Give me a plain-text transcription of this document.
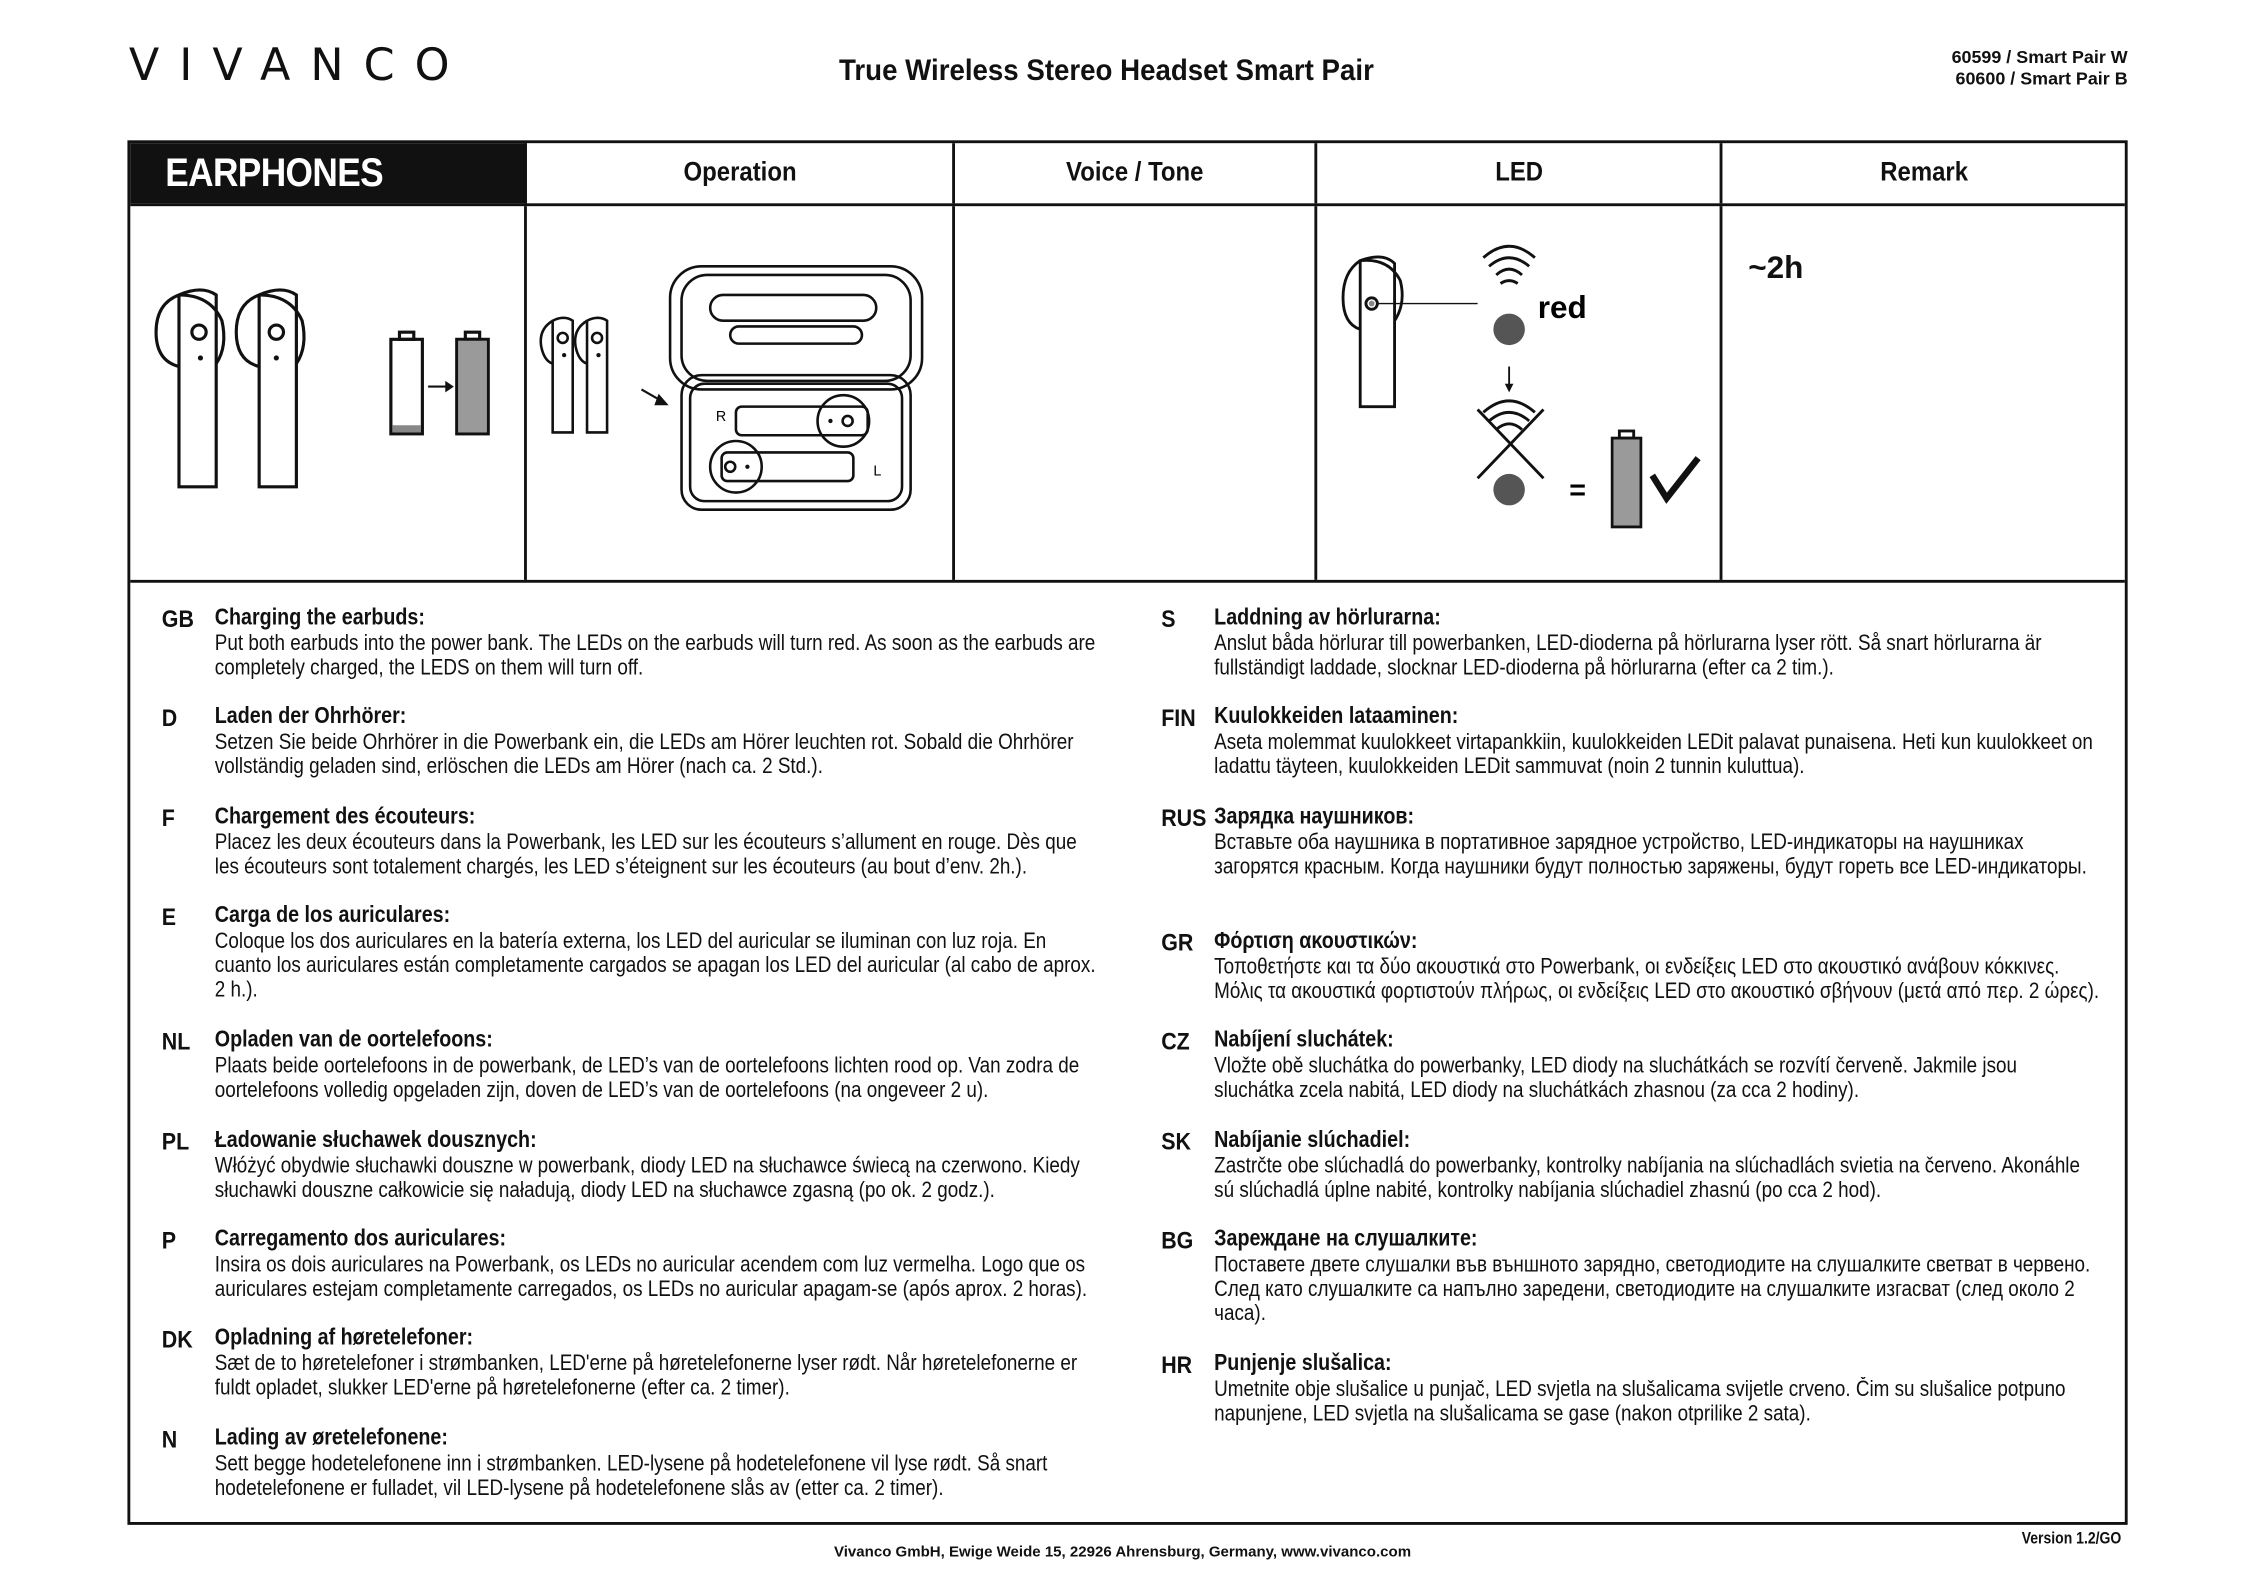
VIVANCO	True Wireless Stereo Headset Smart Pair	60599 / Smart Pair W
60600 / Smart Pair B
EARPHONES	Operation	Voice / Tone	LED	Remark
R
L
red
=
~2h
GB Charging the earbuds:
Put both earbuds into the power bank. The LEDs on the earbuds will turn red. As soon as the earbuds are completely charged, the LEDS on them will turn off.
D Laden der Ohrhörer:
Setzen Sie beide Ohrhörer in die Powerbank ein, die LEDs am Hörer leuchten rot. Sobald die Ohrhörer vollständig geladen sind, erlöschen die LEDs am Hörer (nach ca. 2 Std.).
F Chargement des écouteurs:
Placez les deux écouteurs dans la Powerbank, les LED sur les écouteurs s’allument en rouge. Dès que les écouteurs sont totalement chargés, les LED s’éteignent sur les écouteurs (au bout d’env. 2h.).
E Carga de los auriculares:
Coloque los dos auriculares en la batería externa, los LED del auricular se iluminan con luz roja. En cuanto los auriculares están completamente cargados se apagan los LED del auricular (al cabo de aprox. 2 h.).
NL Opladen van de oortelefoons:
Plaats beide oortelefoons in de powerbank, de LED’s van de oortelefoons lichten rood op. Van zodra de oortelefoons volledig opgeladen zijn, doven de LED’s van de oortelefoons (na ongeveer 2 u).
PL Ładowanie słuchawek dousznych:
Włóżyć obydwie słuchawki douszne w powerbank, diody LED na słuchawce świecą na czerwono. Kiedy słuchawki douszne całkowicie się naładują, diody LED na słuchawce zgasną (po ok. 2 godz.).
P Carregamento dos auriculares:
Insira os dois auriculares na Powerbank, os LEDs no auricular acendem com luz vermelha. Logo que os auriculares estejam completamente carregados, os LEDs no auricular apagam-se (após aprox. 2 horas).
DK Opladning af høretelefoner:
Sæt de to høretelefoner i strømbanken, LED'erne på høretelefonerne lyser rødt. Når høretelefonerne er fuldt opladet, slukker LED'erne på høretelefonerne (efter ca. 2 timer).
N Lading av øretelefonene:
Sett begge hodetelefonene inn i strømbanken. LED-lysene på hodetelefonene vil lyse rødt. Så snart hodetelefonene er fulladet, vil LED-lysene på hodetelefonene slås av (etter ca. 2 timer).
S Laddning av hörlurarna:
Anslut båda hörlurar till powerbanken, LED-dioderna på hörlurarna lyser rött. Så snart hörlurarna är fullständigt laddade, slocknar LED-dioderna på hörlurarna (efter ca 2 tim.).
FIN Kuulokkeiden lataaminen:
Aseta molemmat kuulokkeet virtapankkiin, kuulokkeiden LEDit palavat punaisena. Heti kun kuulokkeet on ladattu täyteen, kuulokkeiden LEDit sammuvat (noin 2 tunnin kuluttua).
RUS Зарядка наушников:
Вставьте оба наушника в портативное зарядное устройство, LED-индикаторы на наушниках загорятся красным. Когда наушники будут полностью заряжены, будут гореть все LED-индикаторы.
GR Φόρτιση ακουστικών:
Τοποθετήστε και τα δύο ακουστικά στο Powerbank, οι ενδείξεις LED στο ακουστικό ανάβουν κόκκινες. Μόλις τα ακουστικά φορτιστούν πλήρως, οι ενδείξεις LED στο ακουστικό σβήνουν (μετά από περ. 2 ώρες).
CZ Nabíjení sluchátek:
Vložte obě sluchátka do powerbanky, LED diody na sluchátkách se rozvítí červeně. Jakmile jsou sluchátka zcela nabitá, LED diody na sluchátkách zhasnou (za cca 2 hodiny).
SK Nabíjanie slúchadiel:
Zastrčte obe slúchadlá do powerbanky, kontrolky nabíjania na slúchadlách svietia na červeno. Akonáhle sú slúchadlá úplne nabité, kontrolky nabíjania slúchadiel zhasnú (po cca 2 hod).
BG Зареждане на слушалките:
Поставете двете слушалки във външното зарядно, светодиодите на слушалките светват в червено. След като слушалките са напълно заредени, светодиодите на слушалките изгасват (след около 2 часа).
HR Punjenje slušalica:
Umetnite obje slušalice u punjač, LED svjetla na slušalicama svijetle crveno. Čim su slušalice potpuno napunjene, LED svjetla na slušalicama se gase (nakon otprilike 2 sata).
Vivanco GmbH, Ewige Weide 15, 22926 Ahrensburg, Germany, www.vivanco.com
Version 1.2/GO
